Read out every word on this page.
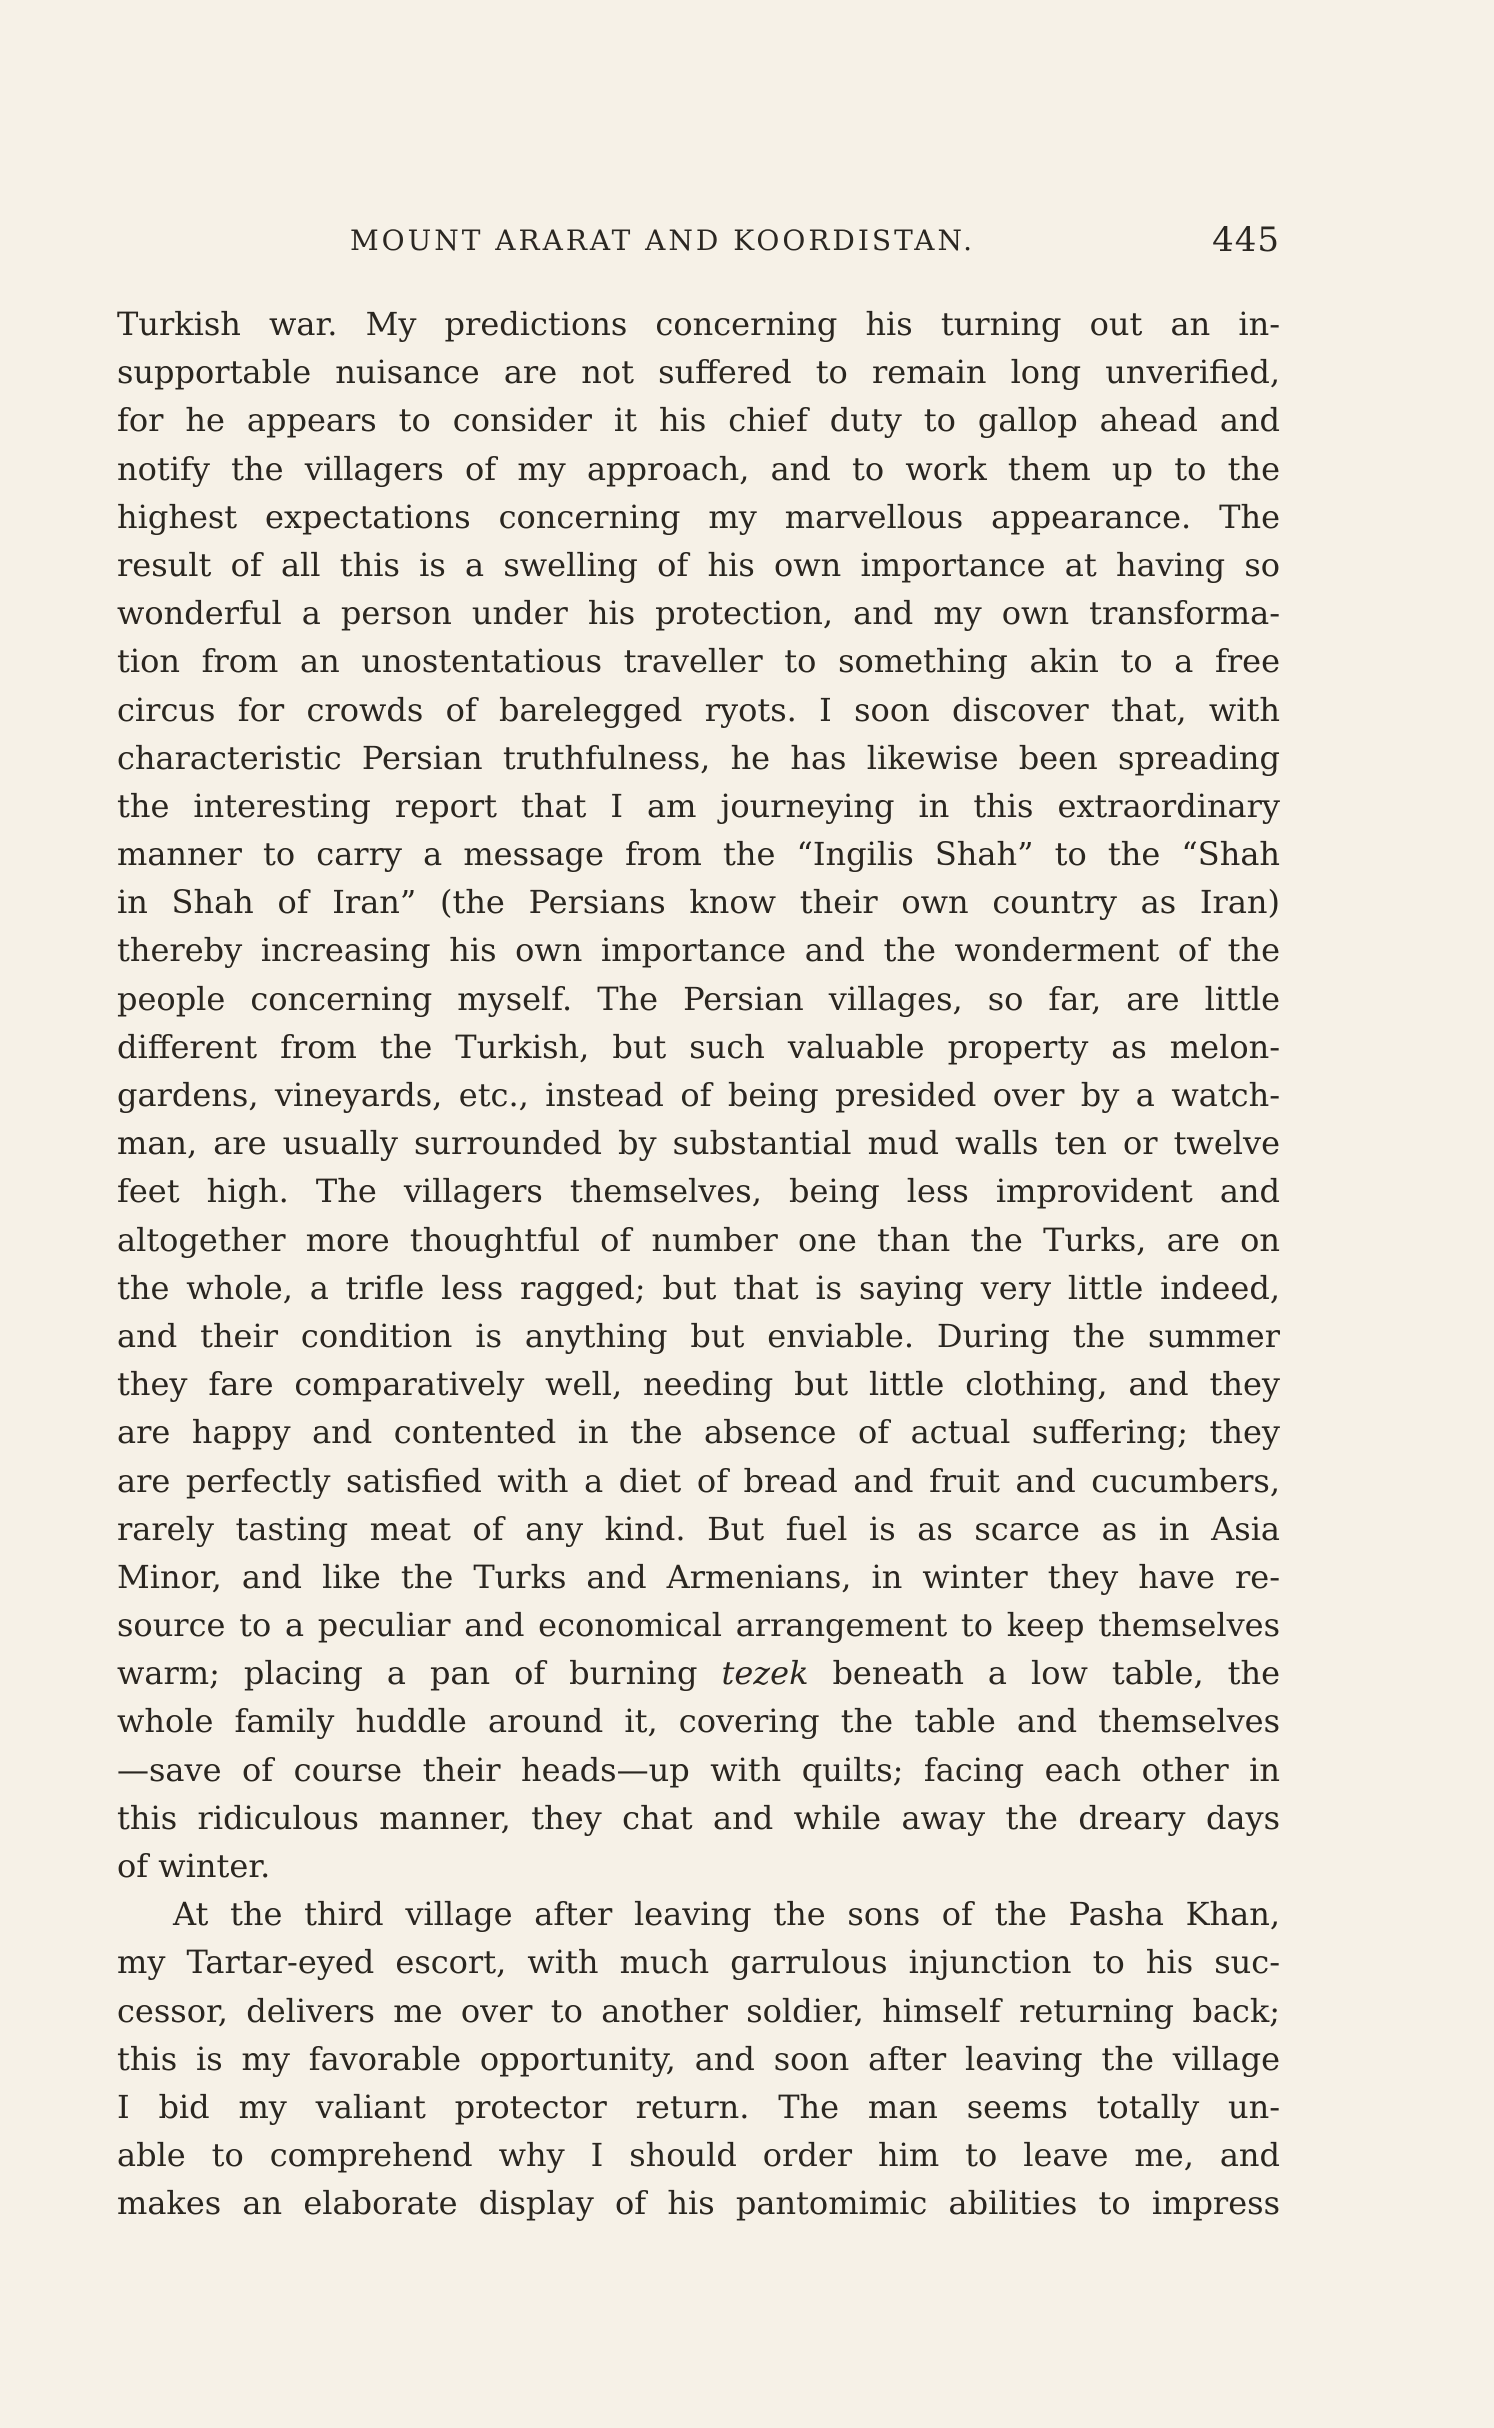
MOUNT ARARAT AND KOORDISTAN.	445
Turkish war. My predictions concerning his turning out an in-
supportable nuisance are not suffered to remain long unverified,
for he appears to consider it his chief duty to gallop ahead and
notify the villagers of my approach, and to work them up to the
highest expectations concerning my marvellous appearance. The
result of all this is a swelling of his own importance at having so
wonderful a person under his protection, and my own transforma-
tion from an unostentatious traveller to something akin to a free
circus for crowds of barelegged ryots. I soon discover that, with
characteristic Persian truthfulness, he has likewise been spreading
the interesting report that I am journeying in this extraordinary
manner to carry a message from the “Ingilis Shah” to the “Shah
in Shah of Iran” (the Persians know their own country as Iran)
thereby increasing his own importance and the wonderment of the
people concerning myself. The Persian villages, so far, are little
different from the Turkish, but such valuable property as melon-
gardens, vineyards, etc., instead of being presided over by a watch-
man, are usually surrounded by substantial mud walls ten or twelve
feet high. The villagers themselves, being less improvident and
altogether more thoughtful of number one than the Turks, are on
the whole, a trifle less ragged; but that is saying very little indeed,
and their condition is anything but enviable. During the summer
they fare comparatively well, needing but little clothing, and they
are happy and contented in the absence of actual suffering; they
are perfectly satisfied with a diet of bread and fruit and cucumbers,
rarely tasting meat of any kind. But fuel is as scarce as in Asia
Minor, and like the Turks and Armenians, in winter they have re-
source to a peculiar and economical arrangement to keep themselves
warm; placing a pan of burning tezek beneath a low table, the
whole family huddle around it, covering the table and themselves
—save of course their heads—up with quilts; facing each other in
this ridiculous manner, they chat and while away the dreary days
of winter.
At the third village after leaving the sons of the Pasha Khan,
my Tartar-eyed escort, with much garrulous injunction to his suc-
cessor, delivers me over to another soldier, himself returning back;
this is my favorable opportunity, and soon after leaving the village
I bid my valiant protector return. The man seems totally un-
able to comprehend why I should order him to leave me, and
makes an elaborate display of his pantomimic abilities to impress
